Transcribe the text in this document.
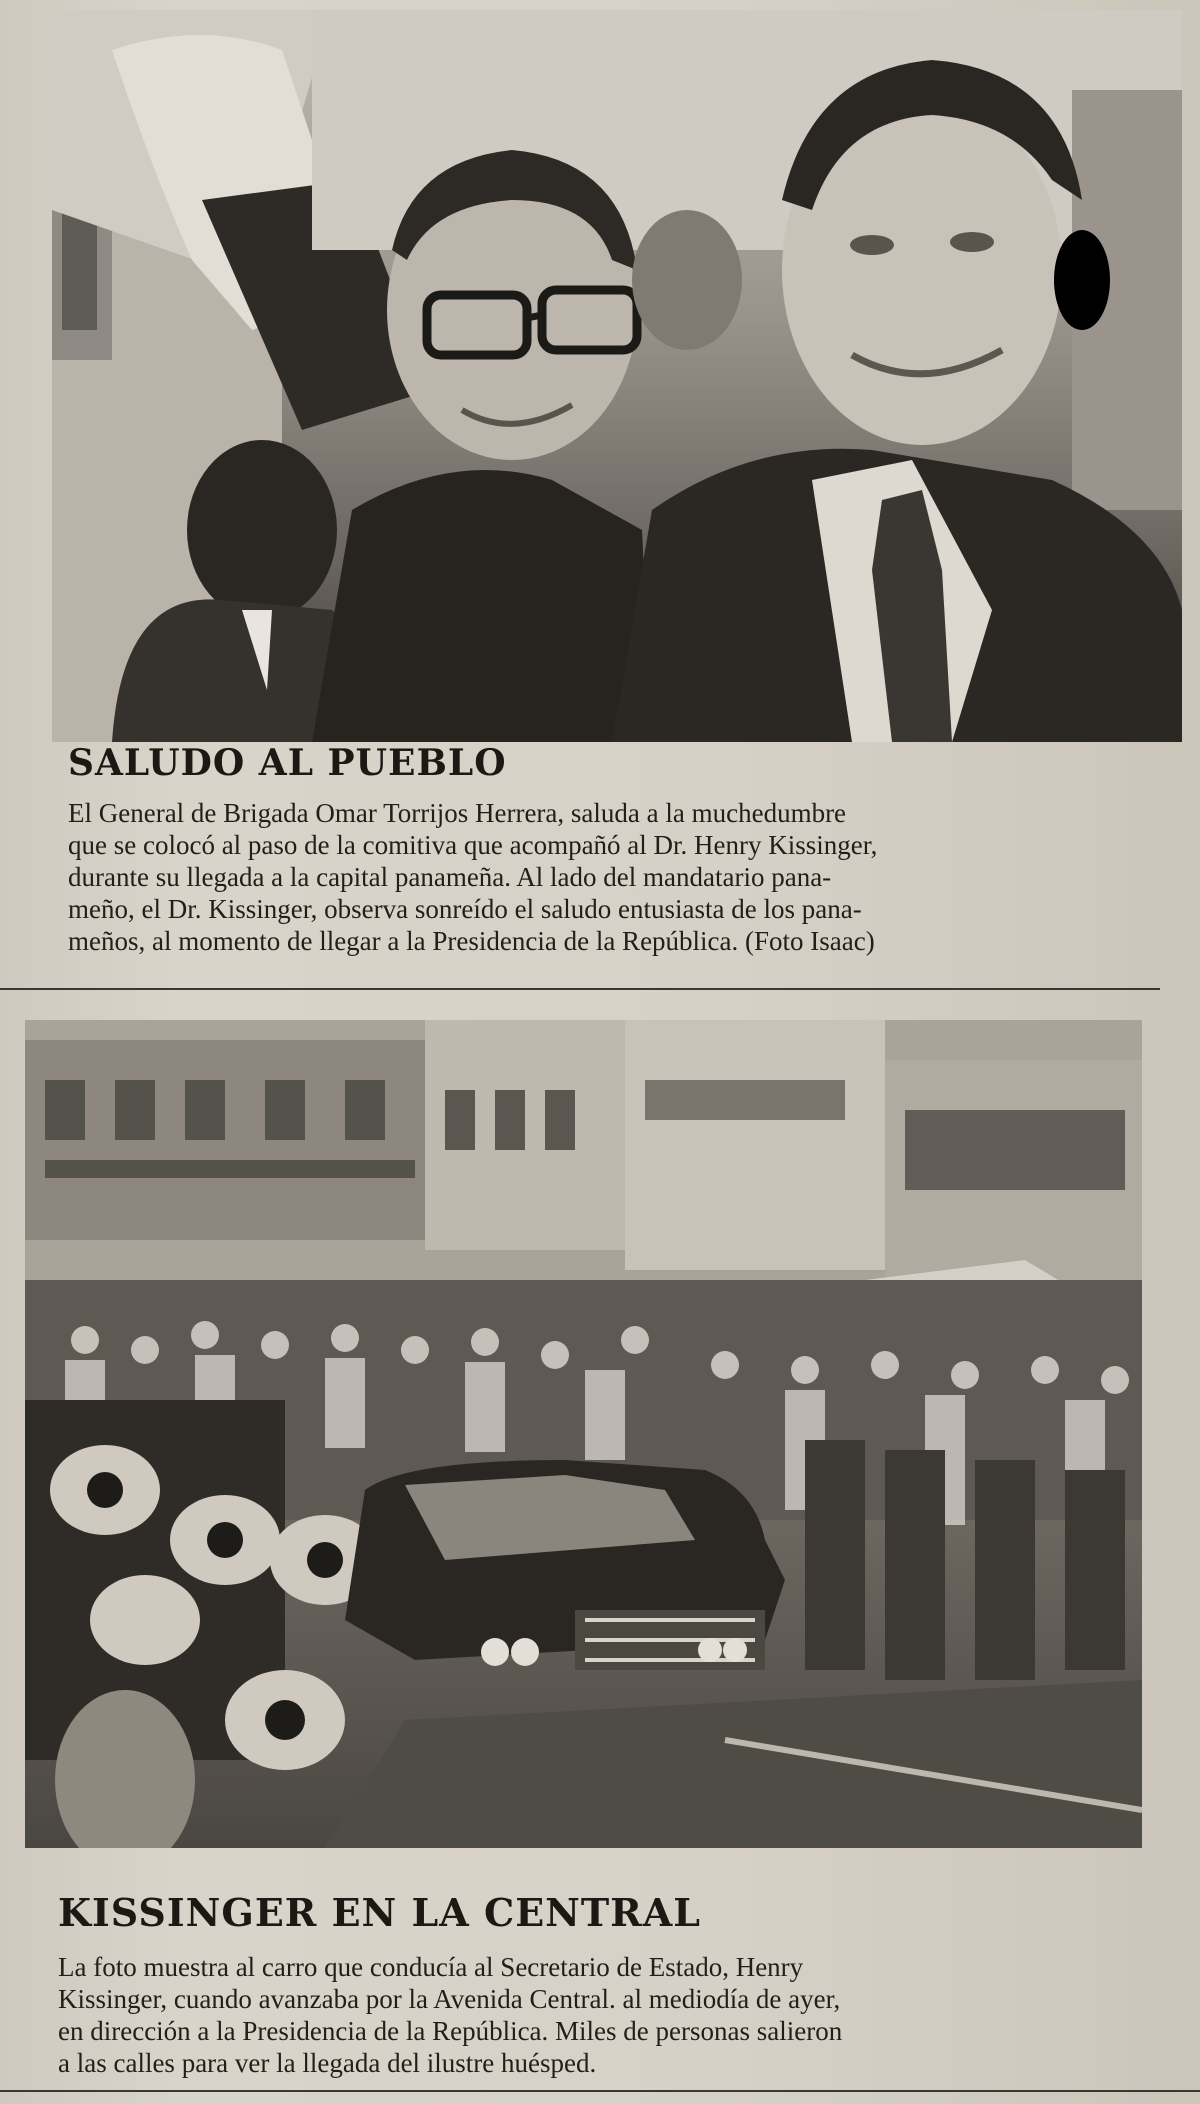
SALUDO AL PUEBLO

El General de Brigada Omar Torrijos Herrera, saluda a la muchedumbre
que se colocó al paso de la comitiva que acompañó al Dr. Henry Kissinger,
durante su llegada a la capital panameña. Al lado del mandatario pana-
meño, el Dr. Kissinger, observa sonreído el saludo entusiasta de los pana-
meños, al momento de llegar a la Presidencia de la República. (Foto Isaac)

KISSINGER EN LA CENTRAL

La foto muestra al carro que conducía al Secretario de Estado, Henry
Kissinger, cuando avanzaba por la Avenida Central. al mediodía de ayer,
en dirección a la Presidencia de la República. Miles de personas salieron
a las calles para ver la llegada del ilustre huésped.
